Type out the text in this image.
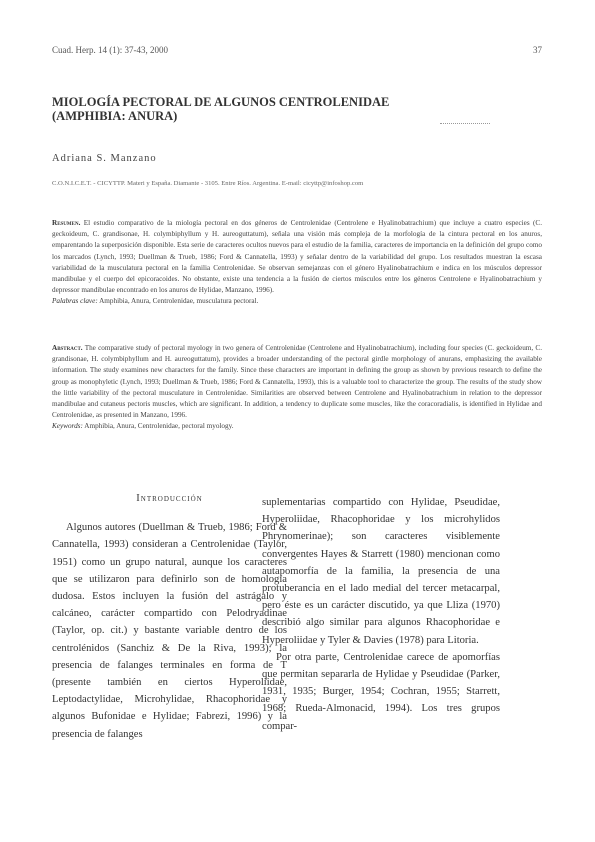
Cuad. Herp. 14 (1): 37-43, 2000	37
MIOLOGÍA PECTORAL DE ALGUNOS CENTROLENIDAE
(AMPHIBIA: ANURA)
Adriana S. Manzano
C.O.N.I.C.E.T. - CICYTTP. Materi y España. Diamante - 3105. Entre Ríos. Argentina. E-mail: cicyttp@infoshop.com
Resumen. El estudio comparativo de la miología pectoral en dos géneros de Centrolenidae (Centrolene e Hyalinobatrachium) que incluye a cuatro especies (C. geckoideum, C. grandisonae, H. colymbiphyllum y H. aureoguttatum), señala una visión más compleja de la morfología de la cintura pectoral en los anuros, emparentando la superposición disponible. Esta serie de caracteres ocultos nuevos para el estudio de la familia, caracteres de importancia en la definición del grupo como los marcados (Lynch, 1993; Duellman & Trueb, 1986; Ford & Cannatella, 1993) y señalar dentro de la variabilidad del grupo. Los resultados muestran la escasa variabilidad de la musculatura pectoral en la familia Centrolenidae. Se observan semejanzas con el género Hyalinobatrachium e indica en los músculos depressor mandibulae y el cuerpo del epicoracoides. No obstante, existe una tendencia a la fusión de ciertos músculos entre los géneros Centrolene e Hyalinobatrachium y depressor mandibulae encontrado en los anuros de Hylidae, Manzano, 1996).
Palabras clave: Amphibia, Anura, Centrolenidae, musculatura pectoral.
Abstract. The comparative study of pectoral myology in two genera of Centrolenidae (Centrolene and Hyalinobatrachium), including four species (C. geckoideum, C. grandisonae, H. colymbiphyllum and H. aureoguttatum), provides a broader understanding of the pectoral girdle morphology of anurans, emphasizing the available information. The study examines new characters for the family. Since these characters are important in defining the group as shown by previous research to define the group as monophyletic (Lynch, 1993; Duellman & Trueb, 1986; Ford & Cannatella, 1993), this is a valuable tool to characterize the group. The results of the study show the little variability of the pectoral musculature in Centrolenidae. Similarities are observed between Centrolene and Hyalinobatrachium in relation to the depressor mandibulae and cutaneus pectoris muscles, which are significant. In addition, a tendency to duplicate some muscles, like the coracoradialis, is identified in Hylidae and Centrolenidae, as presented in Manzano, 1996.
Keywords: Amphibia, Anura, Centrolenidae, pectoral myology.
Introducción

Algunos autores (Duellman & Trueb, 1986; Ford & Cannatella, 1993) consideran a Centrolenidae (Taylor, 1951) como un grupo natural, aunque los caracteres que se utilizaron para definirlo son de homología dudosa. Estos incluyen la fusión del astrágalo y calcáneo, carácter compartido con Pelodryadinae (Taylor, op. cit.) y bastante variable dentro de los centrolénidos (Sanchiz & De la Riva, 1993); la presencia de falanges terminales en forma de T (presente también en ciertos Hyperoliidae, Leptodactylidae, Microhylidae, Rhacophoridae y algunos Bufonidae e Hylidae; Fabrezi, 1996) y la presencia de falanges

suplementarias compartido con Hylidae, Pseudidae, Hyperoliidae, Rhacophoridae y los microhylidos Phrynomerinae); son caracteres visiblemente convergentes Hayes & Starrett (1980) mencionan como autapomorfía de la familia, la presencia de una protuberancia en el lado medial del tercer metacarpal, pero éste es un carácter discutido, ya que Lliza (1970) describió algo similar para algunos Rhacophoridae e Hyperoliidae y Tyler & Davies (1978) para Litoria.

Por otra parte, Centrolenidae carece de apomorfías que permitan separarla de Hylidae y Pseudidae (Parker, 1931, 1935; Burger, 1954; Cochran, 1955; Starrett, 1968; Rueda-Almonacid, 1994). Los tres grupos compar-
